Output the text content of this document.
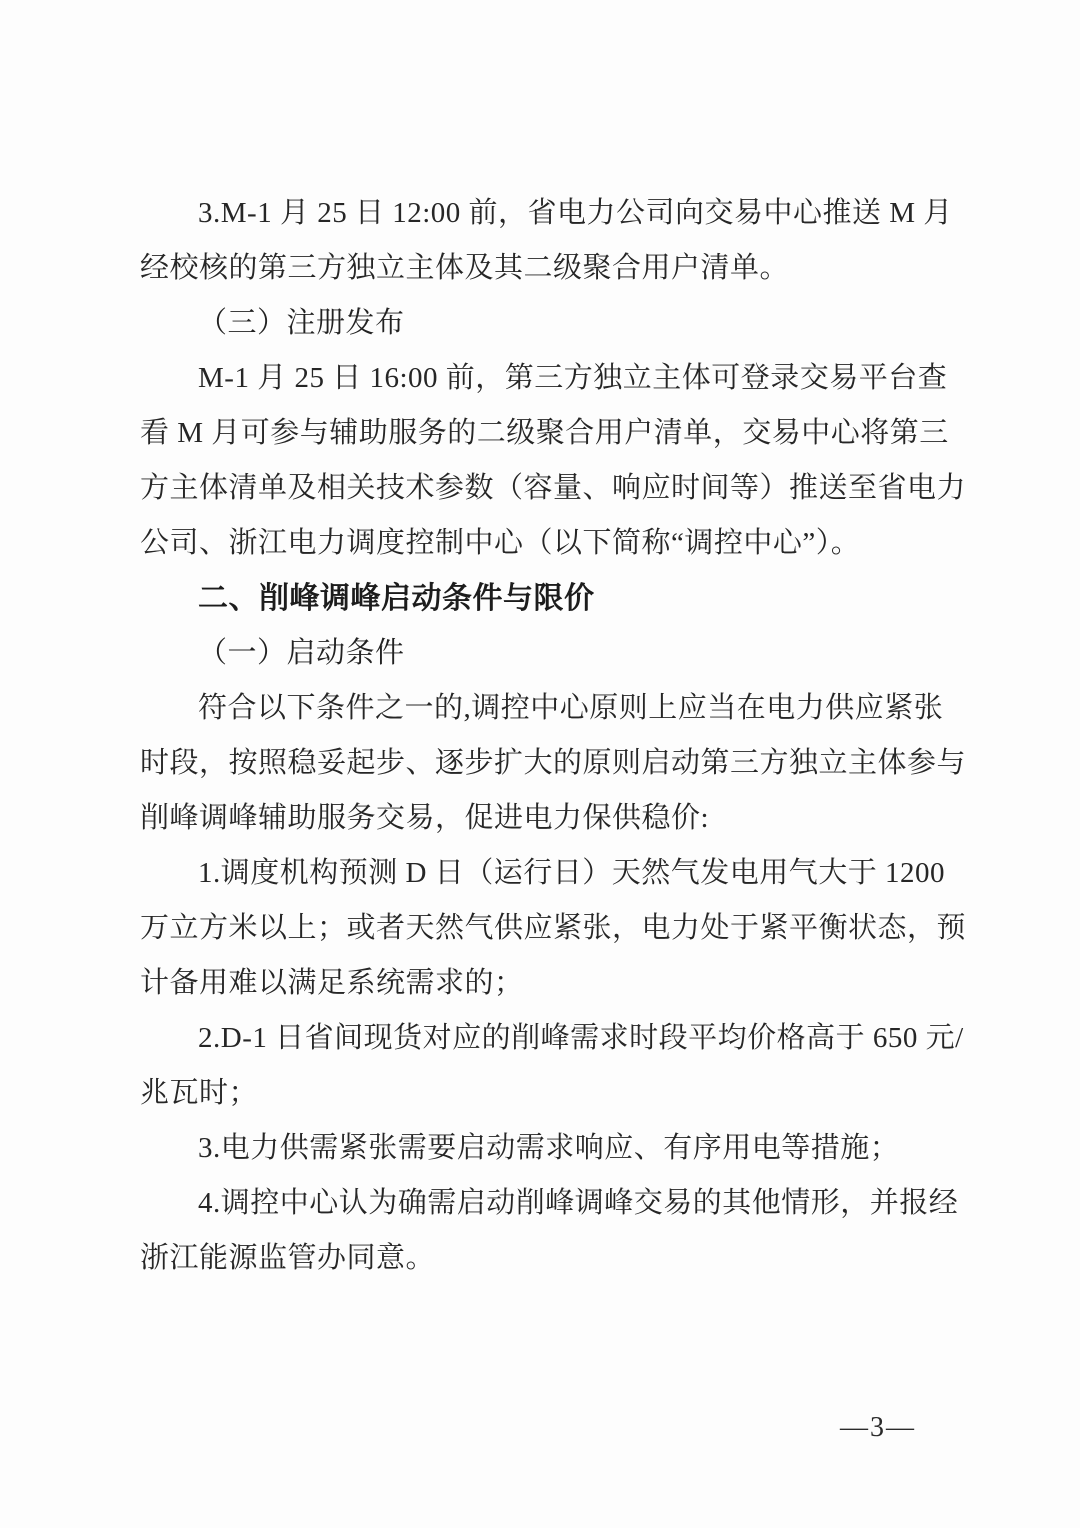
3.M-1 月 25 日 12:00 前，省电力公司向交易中心推送 M 月
经校核的第三方独立主体及其二级聚合用户清单。
（三）注册发布
M-1 月 25 日 16:00 前，第三方独立主体可登录交易平台查
看 M 月可参与辅助服务的二级聚合用户清单，交易中心将第三
方主体清单及相关技术参数（容量、响应时间等）推送至省电力
公司、浙江电力调度控制中心（以下简称“调控中心”）。
二、削峰调峰启动条件与限价
（一）启动条件
符合以下条件之一的,调控中心原则上应当在电力供应紧张
时段，按照稳妥起步、逐步扩大的原则启动第三方独立主体参与
削峰调峰辅助服务交易，促进电力保供稳价:
1.调度机构预测 D 日（运行日）天然气发电用气大于 1200
万立方米以上；或者天然气供应紧张，电力处于紧平衡状态，预
计备用难以满足系统需求的；
2.D-1 日省间现货对应的削峰需求时段平均价格高于 650 元/
兆瓦时；
3.电力供需紧张需要启动需求响应、有序用电等措施；
4.调控中心认为确需启动削峰调峰交易的其他情形，并报经
浙江能源监管办同意。
—3—
